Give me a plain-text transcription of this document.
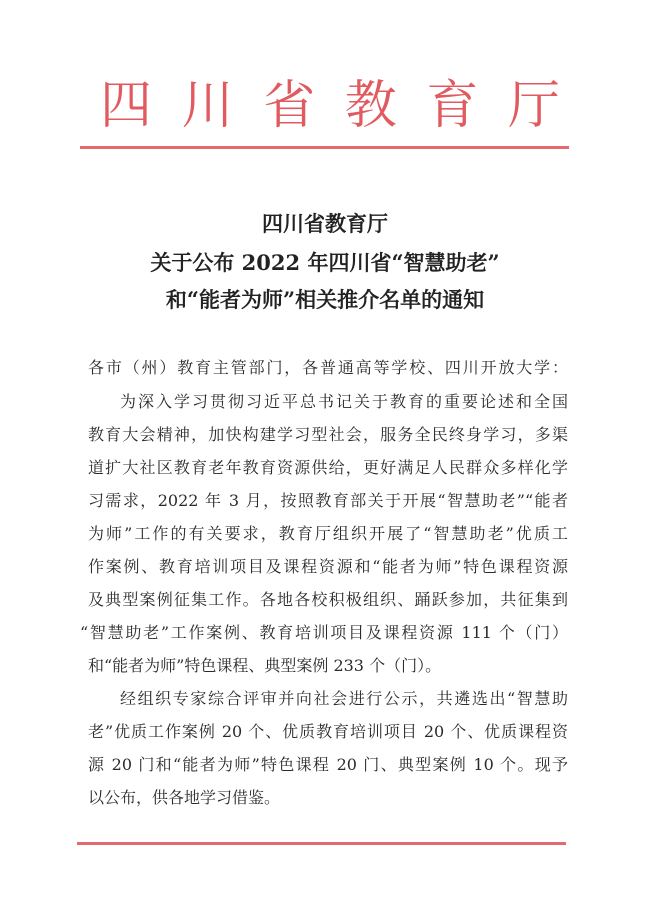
四 川 省 教 育 厅
四川省教育厅
关于公布 2022 年四川省“智慧助老”
和“能者为师”相关推介名单的通知
各市（州）教育主管部门，各普通高等学校、四川开放大学：
为深入学习贯彻习近平总书记关于教育的重要论述和全国
教育大会精神，加快构建学习型社会，服务全民终身学习，多渠
道扩大社区教育老年教育资源供给，更好满足人民群众多样化学
习需求，2022 年 3 月，按照教育部关于开展“智慧助老”“能者
为师”工作的有关要求，教育厅组织开展了“智慧助老”优质工
作案例、教育培训项目及课程资源和“能者为师”特色课程资源
及典型案例征集工作。各地各校积极组织、踊跃参加，共征集到
“智慧助老”工作案例、教育培训项目及课程资源 111 个（门）
和“能者为师”特色课程、典型案例 233 个（门）。
经组织专家综合评审并向社会进行公示，共遴选出“智慧助
老”优质工作案例 20 个、优质教育培训项目 20 个、优质课程资
源 20 门和“能者为师”特色课程 20 门、典型案例 10 个。现予
以公布，供各地学习借鉴。
